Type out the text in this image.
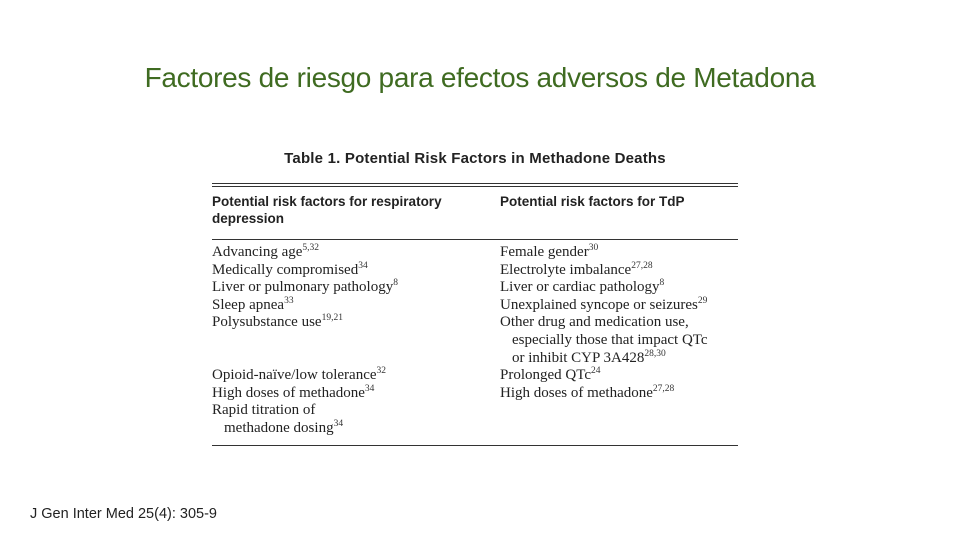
Factores de riesgo para efectos adversos de Metadona
Table 1. Potential Risk Factors in Methadone Deaths
Potential risk factors for respiratory
depression
Potential risk factors for TdP
Advancing age$^{5,32}$
Medically compromised$^{34}$
Liver or pulmonary pathology$^8$
Sleep apnea$^{33}$
Polysubstance use$^{19,21}$
Opioid-naïve/low tolerance$^{32}$
High doses of methadone$^{34}$
Rapid titration of
methadone dosing$^{34}$
Female gender$^{30}$
Electrolyte imbalance$^{27,28}$
Liver or cardiac pathology$^8$
Unexplained syncope or seizures$^{29}$
Other drug and medication use,
especially those that impact QTc
or inhibit CYP 3A428$^{28,30}$
Prolonged QTc$^{24}$
High doses of methadone$^{27,28}$
J Gen Inter Med 25(4): 305-9
